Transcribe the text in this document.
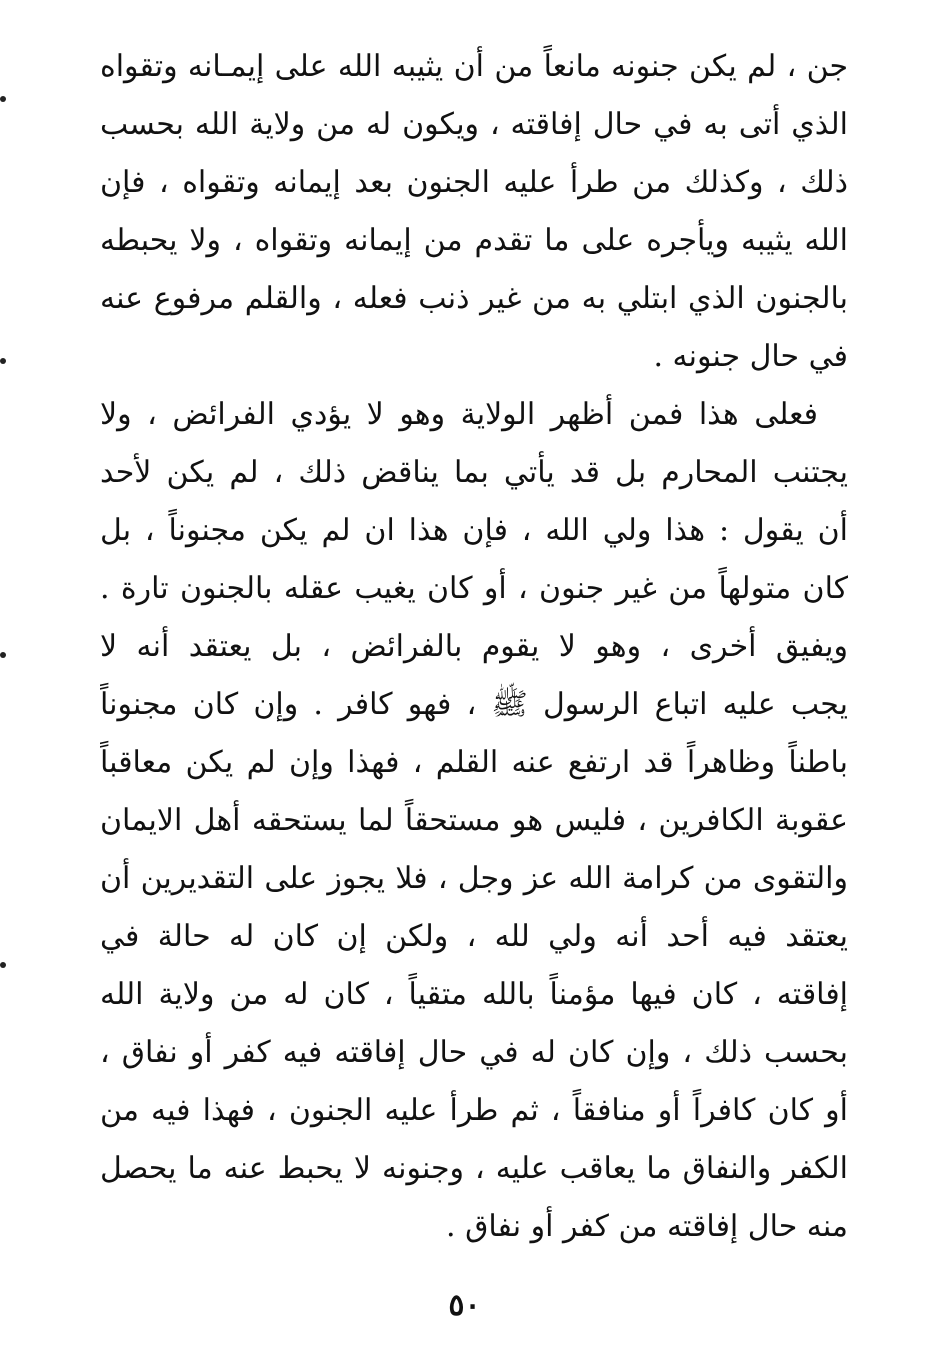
جن ، لم يكن جنونه مانعاً من أن يثيبه الله على إيمـانه وتقواه
الذي أتى به في حال إفاقته ، ويكون له من ولاية الله بحسب
ذلك ، وكذلك من طرأ عليه الجنون بعد إيمانه وتقواه ، فإن
الله يثيبه ويأجره على ما تقدم من إيمانه وتقواه ، ولا يحبطه
بالجنون الذي ابتلي به من غير ذنب فعله ، والقلم مرفوع عنه
في حال جنونه .
فعلى هذا فمن أظهر الولاية وهو لا يؤدي الفرائض ، ولا
يجتنب المحارم بل قد يأتي بما يناقض ذلك ، لم يكن لأحد
أن يقول : هذا ولي الله ، فإن هذا ان لم يكن مجنوناً ، بل
كان متولهاً من غير جنون ، أو كان يغيب عقله بالجنون تارة .
ويفيق أخرى ، وهو لا يقوم بالفرائض ، بل يعتقد أنه لا
يجب عليه اتباع الرسول ﷺ ، فهو كافر . وإن كان مجنوناً
باطناً وظاهراً قد ارتفع عنه القلم ، فهذا وإن لم يكن معاقباً
عقوبة الكافرين ، فليس هو مستحقاً لما يستحقه أهل الايمان
والتقوى من كرامة الله عز وجل ، فلا يجوز على التقديرين أن
يعتقد فيه أحد أنه ولي لله ، ولكن إن كان له حالة في
إفاقته ، كان فيها مؤمناً بالله متقياً ، كان له من ولاية الله
بحسب ذلك ، وإن كان له في حال إفاقته فيه كفر أو نفاق ،
أو كان كافراً أو منافقاً ، ثم طرأ عليه الجنون ، فهذا فيه من
الكفر والنفاق ما يعاقب عليه ، وجنونه لا يحبط عنه ما يحصل
منه حال إفاقته من كفر أو نفاق .
٥٠
